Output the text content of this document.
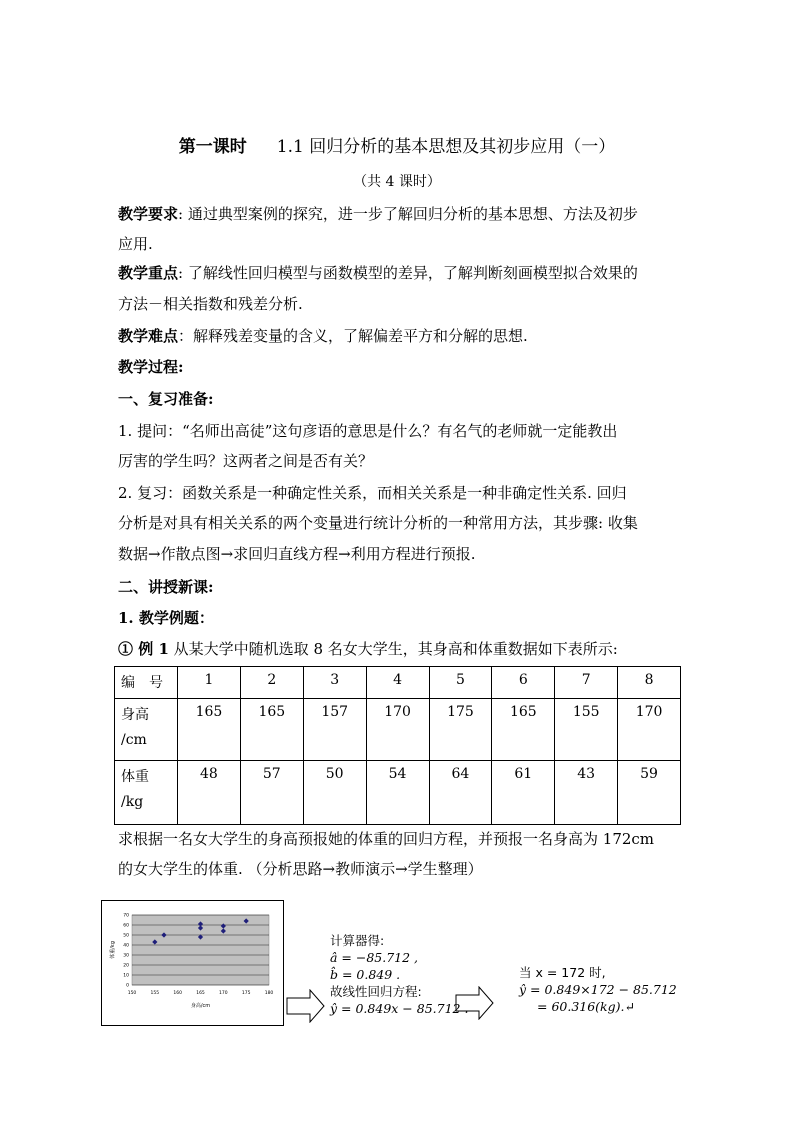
第一课时 1.1 回归分析的基本思想及其初步应用（一）
（共 4 课时）
教学要求: 通过典型案例的探究，进一步了解回归分析的基本思想、方法及初步
应用.
教学重点: 了解线性回归模型与函数模型的差异，了解判断刻画模型拟合效果的
方法－相关指数和残差分析.
教学难点：解释残差变量的含义，了解偏差平方和分解的思想.
教学过程:
一、复习准备:
1. 提问：“名师出高徒”这句彦语的意思是什么？有名气的老师就一定能教出
厉害的学生吗？这两者之间是否有关？
2. 复习：函数关系是一种确定性关系，而相关关系是一种非确定性关系. 回归
分析是对具有相关关系的两个变量进行统计分析的一种常用方法，其步骤: 收集
数据→作散点图→求回归直线方程→利用方程进行预报.
二、讲授新课:
1. 教学例题：
① 例 1 从某大学中随机选取 8 名女大学生，其身高和体重数据如下表所示:
编　号	1	2	3	4	5	6	7	8

身高
/cm	165	165	157	170	175	165	155	170

体重
/kg	48	57	50	54	64	61	43	59
求根据一名女大学生的身高预报她的体重的回归方程，并预报一名身高为 172cm
的女大学生的体重. （分析思路→教师演示→学生整理）
0
10
20
30
40
50
60
70
150	155	160	165	170	175	180
身高/cm
体重/kg
计算器得:
â = −85.712 ,
b̂ = 0.849 .
故线性回归方程:
ŷ = 0.849x − 85.712 .
当 x = 172 时,
ŷ = 0.849×172 − 85.712
= 60.316(kg).↵
